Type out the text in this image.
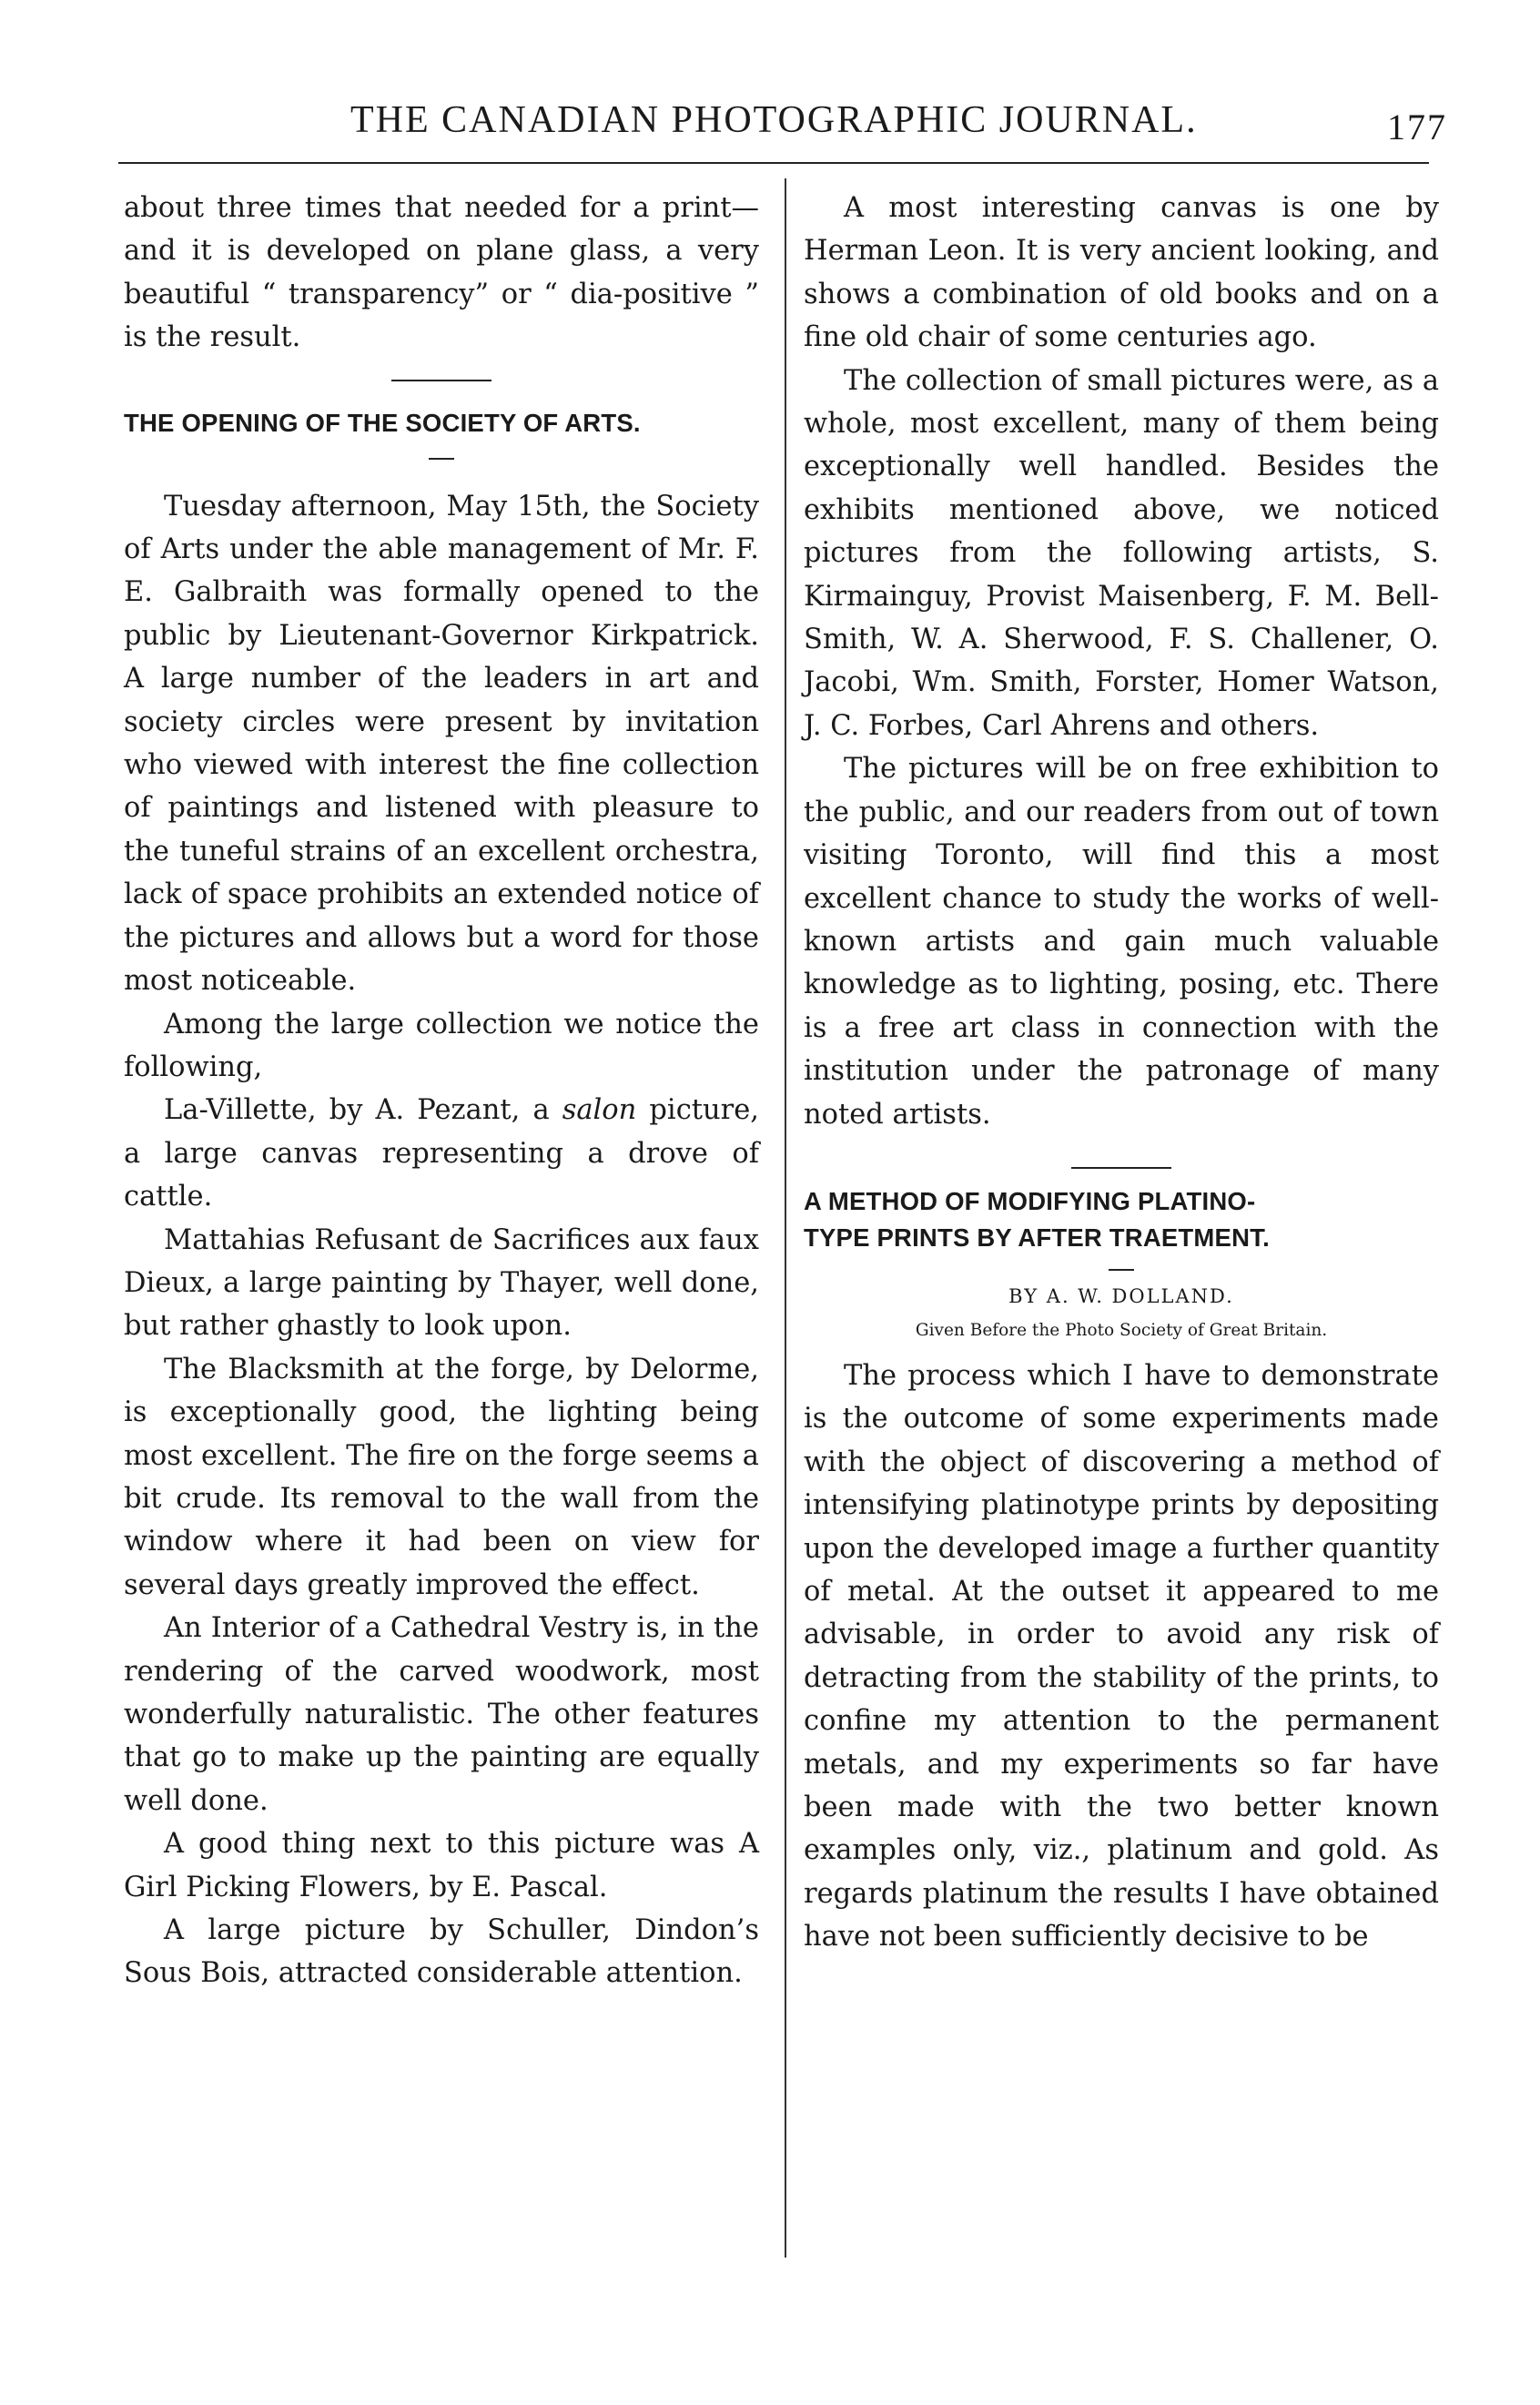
THE CANADIAN PHOTOGRAPHIC JOURNAL.	177

about three times that needed for a print—and it is developed on plane glass, a very beautiful “ transparency” or “ dia-positive ” is the result.

THE OPENING OF THE SOCIETY OF ARTS.

Tuesday afternoon, May 15th, the Society of Arts under the able management of Mr. F. E. Galbraith was formally opened to the public by Lieutenant-Governor Kirkpatrick. A large number of the leaders in art and society circles were present by invitation who viewed with interest the fine collection of paintings and listened with pleasure to the tuneful strains of an excellent orchestra, lack of space prohibits an extended notice of the pictures and allows but a word for those most noticeable.

Among the large collection we notice the following,

La-Villette, by A. Pezant, a salon picture, a large canvas representing a drove of cattle.

Mattahias Refusant de Sacrifices aux faux Dieux, a large painting by Thayer, well done, but rather ghastly to look upon.

The Blacksmith at the forge, by Delorme, is exceptionally good, the lighting being most excellent. The fire on the forge seems a bit crude. Its removal to the wall from the window where it had been on view for several days greatly improved the effect.

An Interior of a Cathedral Vestry is, in the rendering of the carved woodwork, most wonderfully naturalistic. The other features that go to make up the painting are equally well done.

A good thing next to this picture was A Girl Picking Flowers, by E. Pascal.

A large picture by Schuller, Dindon’s Sous Bois, attracted considerable attention.

A most interesting canvas is one by Herman Leon. It is very ancient looking, and shows a combination of old books and on a fine old chair of some centuries ago.

The collection of small pictures were, as a whole, most excellent, many of them being exceptionally well handled. Besides the exhibits mentioned above, we noticed pictures from the following artists, S. Kirmainguy, Provist Maisenberg, F. M. Bell-Smith, W. A. Sherwood, F. S. Challener, O. Jacobi, Wm. Smith, Forster, Homer Watson, J. C. Forbes, Carl Ahrens and others.

The pictures will be on free exhibition to the public, and our readers from out of town visiting Toronto, will find this a most excellent chance to study the works of well-known artists and gain much valuable knowledge as to lighting, posing, etc. There is a free art class in connection with the institution under the patronage of many noted artists.

A METHOD OF MODIFYING PLATINO-

TYPE PRINTS BY AFTER TRAETMENT.

BY A. W. DOLLAND.
Given Before the Photo Society of Great Britain.

The process which I have to demonstrate is the outcome of some experiments made with the object of discovering a method of intensifying platinotype prints by depositing upon the developed image a further quantity of metal. At the outset it appeared to me advisable, in order to avoid any risk of detracting from the stability of the prints, to confine my attention to the permanent metals, and my experiments so far have been made with the two better known examples only, viz., platinum and gold. As regards platinum the results I have obtained have not been sufficiently decisive to be
